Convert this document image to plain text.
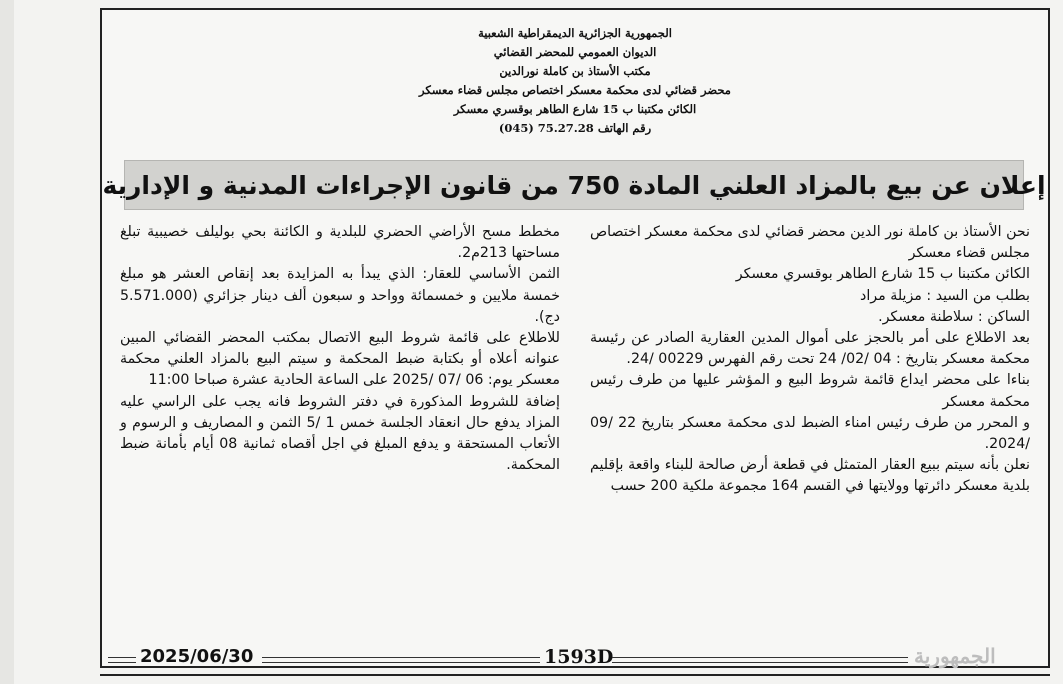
الجمهورية الجزائرية الديمقراطية الشعبية
الديوان العمومي للمحضر القضائي
مكتب الأستاذ بن كاملة نورالدين
محضر قضائي لدى محكمة معسكر اختصاص مجلس قضاء معسكر
الكائن مكتبنا ب 15 شارع الطاهر بوقسري معسكر
رقم الهاتف 75.27.28 (045)
إعلان عن بيع بالمزاد العلني المادة 750 من قانون الإجراءات المدنية و الإدارية

نحن الأستاذ بن كاملة نور الدين محضر قضائي لدى محكمة معسكر اختصاص مجلس قضاء معسكر

الكائن مكتبنا ب 15 شارع الطاهر بوقسري معسكر

بطلب من السيد : مزيلة مراد

الساكن : سلاطنة معسكر.

بعد الاطلاع على أمر بالحجز على أموال المدين العقارية الصادر عن رئيسة محكمة معسكر بتاريخ : 04 /02/ 24 تحت رقم الفهرس 00229 /24.

بناءا على محضر ايداع قائمة شروط البيع و المؤشر عليها من طرف رئيس محكمة معسكر

و المحرر من طرف رئيس امناء الضبط لدى محكمة معسكر بتاريخ 22 /09 /2024.

نعلن بأنه سيتم ببيع العقار المتمثل في قطعة أرض صالحة للبناء واقعة بإقليم بلدية معسكر دائرتها وولايتها في القسم 164 مجموعة ملكية 200 حسب

مخطط مسح الأراضي الحضري للبلدية و الكائنة بحي بوليلف خصيبية تبلغ مساحتها 213م2.

الثمن الأساسي للعقار: الذي يبدأ به المزايدة بعد إنقاص العشر هو مبلغ خمسة ملايين و خمسمائة وواحد و سبعون ألف دينار جزائري (5.571.000 دج).

للاطلاع على قائمة شروط البيع الاتصال بمكتب المحضر القضائي المبين عنوانه أعلاه أو بكتابة ضبط المحكمة و سيتم البيع بالمزاد العلني محكمة معسكر يوم: 06 /07 /2025 على الساعة الحادية عشرة صباحا 11:00

إضافة للشروط المذكورة في دفتر الشروط فانه يجب على الراسي عليه المزاد يدفع حال انعقاد الجلسة خمس 1 /5 الثمن و المصاريف و الرسوم و الأتعاب المستحقة و يدفع المبلغ في اجل أقصاه ثمانية 08 أيام بأمانة ضبط المحكمة.

2025/06/30	1593D	الجمهورية
